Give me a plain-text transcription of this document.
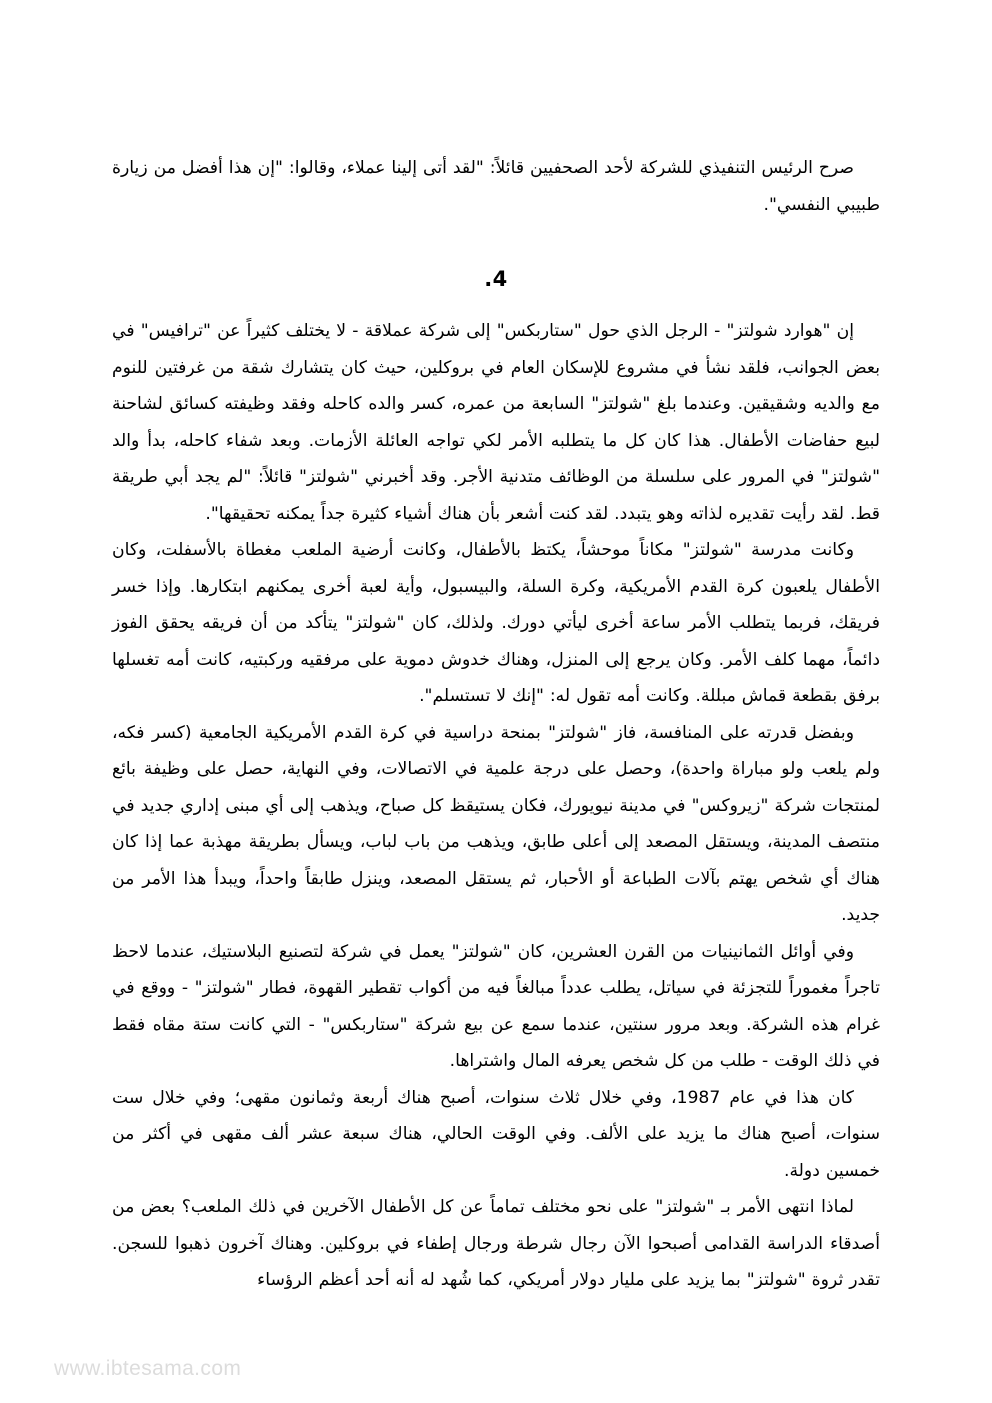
صرح الرئيس التنفيذي للشركة لأحد الصحفيين قائلاً: "لقد أتى إلينا عملاء، وقالوا: "إن هذا أفضل من زيارة طبيبي النفسي".

4.

إن "هوارد شولتز" - الرجل الذي حول "ستاربكس" إلى شركة عملاقة - لا يختلف كثيراً عن "ترافيس" في بعض الجوانب، فلقد نشأ في مشروع للإسكان العام في بروكلين، حيث كان يتشارك شقة من غرفتين للنوم مع والديه وشقيقين. وعندما بلغ "شولتز" السابعة من عمره، كسر والده كاحله وفقد وظيفته كسائق لشاحنة لبيع حفاضات الأطفال. هذا كان كل ما يتطلبه الأمر لكي تواجه العائلة الأزمات. وبعد شفاء كاحله، بدأ والد "شولتز" في المرور على سلسلة من الوظائف متدنية الأجر. وقد أخبرني "شولتز" قائلاً: "لم يجد أبي طريقة قط. لقد رأيت تقديره لذاته وهو يتبدد. لقد كنت أشعر بأن هناك أشياء كثيرة جداً يمكنه تحقيقها".

وكانت مدرسة "شولتز" مكاناً موحشاً، يكتظ بالأطفال، وكانت أرضية الملعب مغطاة بالأسفلت، وكان الأطفال يلعبون كرة القدم الأمريكية، وكرة السلة، والبيسبول، وأية لعبة أخرى يمكنهم ابتكارها. وإذا خسر فريقك، فربما يتطلب الأمر ساعة أخرى ليأتي دورك. ولذلك، كان "شولتز" يتأكد من أن فريقه يحقق الفوز دائماً، مهما كلف الأمر. وكان يرجع إلى المنزل، وهناك خدوش دموية على مرفقيه وركبتيه، كانت أمه تغسلها برفق بقطعة قماش مبللة. وكانت أمه تقول له: "إنك لا تستسلم".

وبفضل قدرته على المنافسة، فاز "شولتز" بمنحة دراسية في كرة القدم الأمريكية الجامعية (كسر فكه، ولم يلعب ولو مباراة واحدة)، وحصل على درجة علمية في الاتصالات، وفي النهاية، حصل على وظيفة بائع لمنتجات شركة "زيروكس" في مدينة نيويورك، فكان يستيقظ كل صباح، ويذهب إلى أي مبنى إداري جديد في منتصف المدينة، ويستقل المصعد إلى أعلى طابق، ويذهب من باب لباب، ويسأل بطريقة مهذبة عما إذا كان هناك أي شخص يهتم بآلات الطباعة أو الأحبار، ثم يستقل المصعد، وينزل طابقاً واحداً، ويبدأ هذا الأمر من جديد.

وفي أوائل الثمانينيات من القرن العشرين، كان "شولتز" يعمل في شركة لتصنيع البلاستيك، عندما لاحظ تاجراً مغموراً للتجزئة في سياتل، يطلب عدداً مبالغاً فيه من أكواب تقطير القهوة، فطار "شولتز" - ووقع في غرام هذه الشركة. وبعد مرور سنتين، عندما سمع عن بيع شركة "ستاربكس" - التي كانت ستة مقاه فقط في ذلك الوقت - طلب من كل شخص يعرفه المال واشتراها.

كان هذا في عام 1987، وفي خلال ثلاث سنوات، أصبح هناك أربعة وثمانون مقهى؛ وفي خلال ست سنوات، أصبح هناك ما يزيد على الألف. وفي الوقت الحالي، هناك سبعة عشر ألف مقهى في أكثر من خمسين دولة.

لماذا انتهى الأمر بـ "شولتز" على نحو مختلف تماماً عن كل الأطفال الآخرين في ذلك الملعب؟ بعض من أصدقاء الدراسة القدامى أصبحوا الآن رجال شرطة ورجال إطفاء في بروكلين. وهناك آخرون ذهبوا للسجن. تقدر ثروة "شولتز" بما يزيد على مليار دولار أمريكي، كما شُهد له أنه أحد أعظم الرؤساء

www.ibtesama.com
